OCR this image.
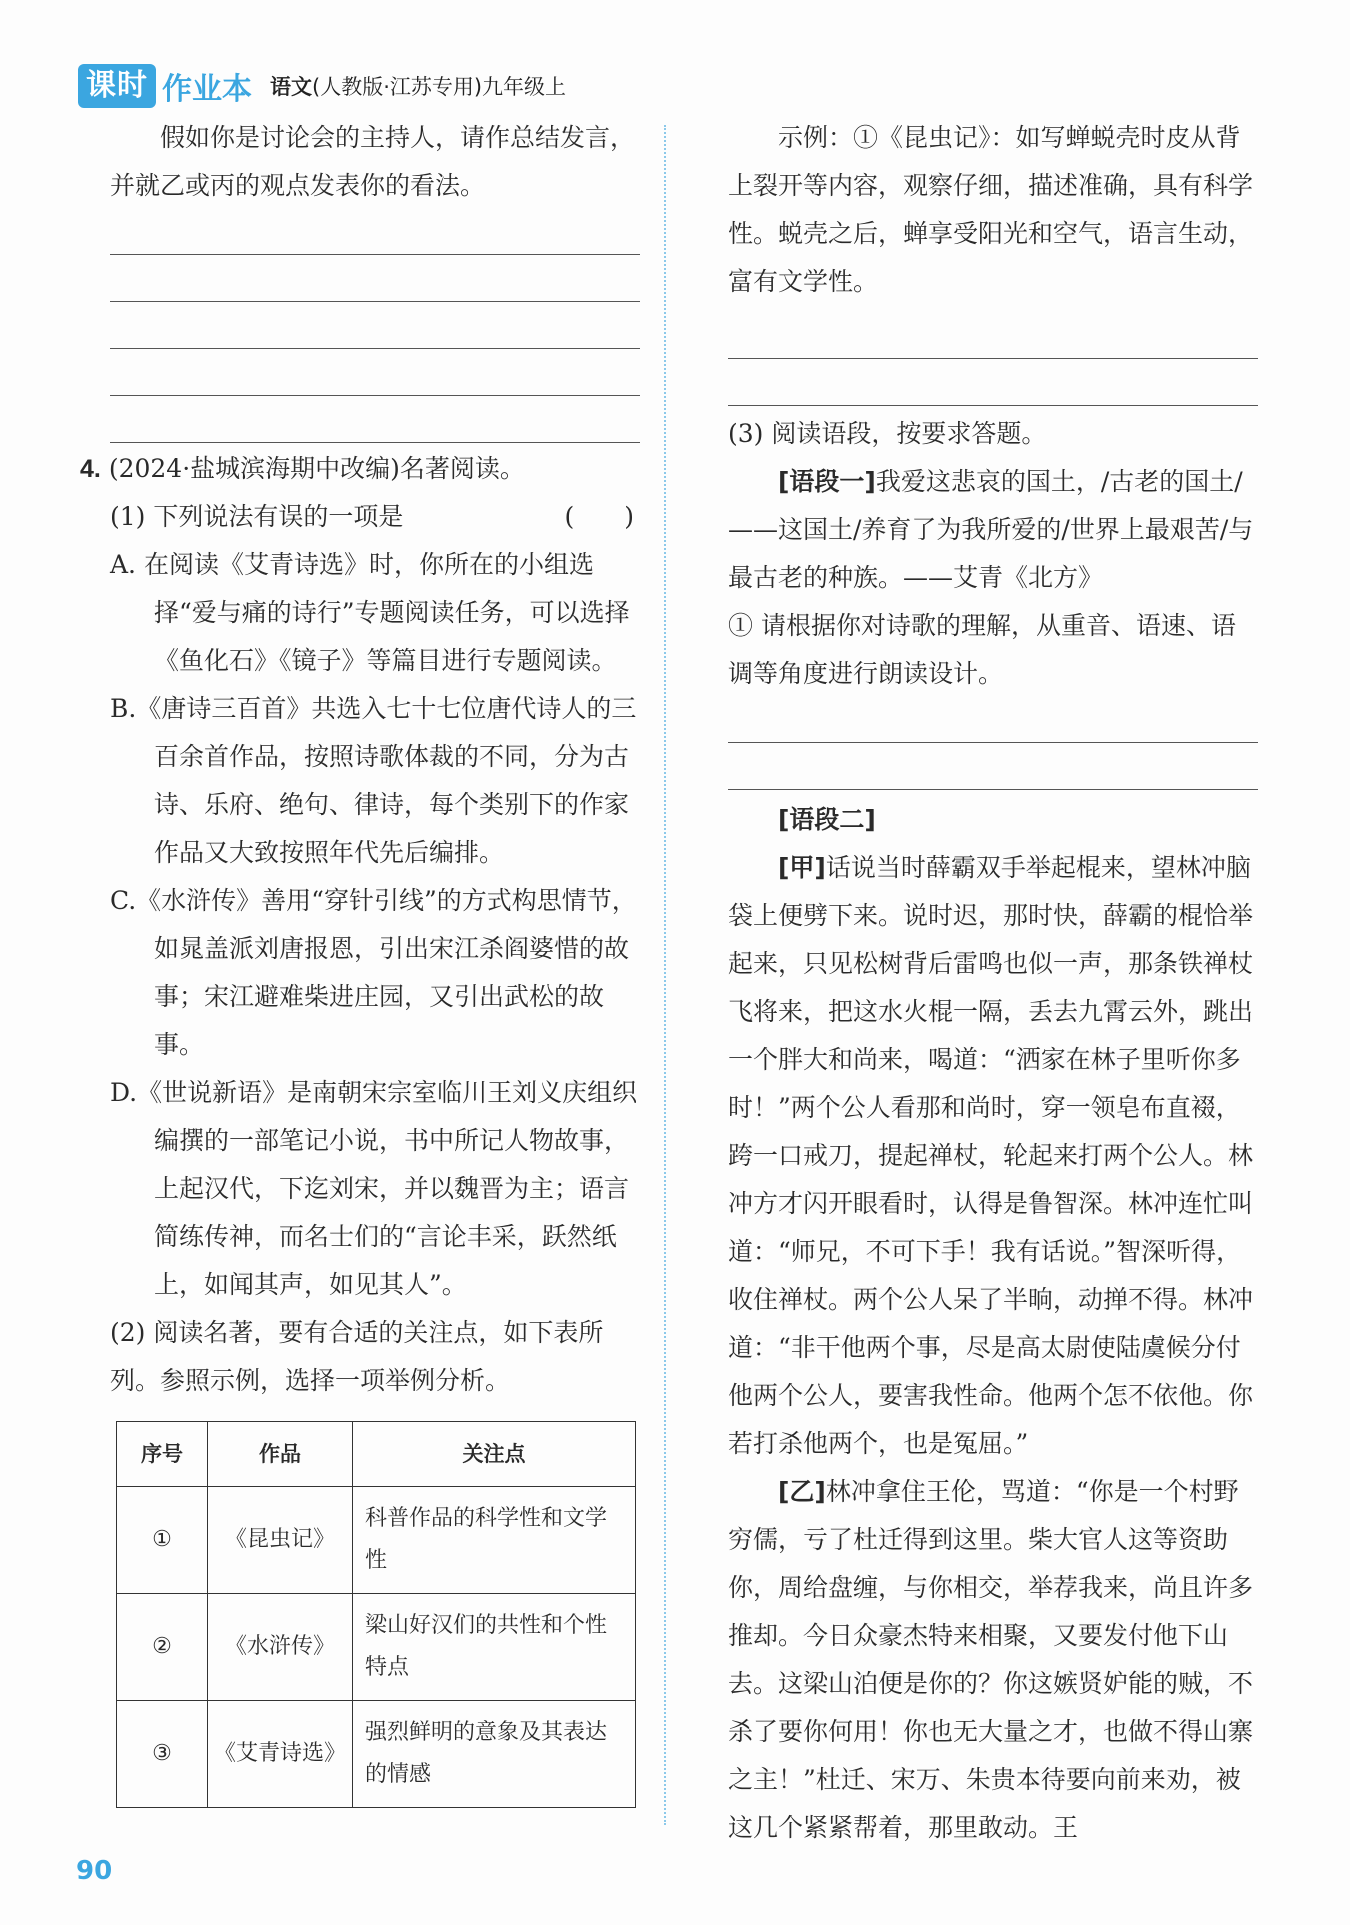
课时 作业本 语文(人教版·江苏专用)九年级上

假如你是讨论会的主持人，请作总结发言，并就乙或丙的观点发表你的看法。

4. (2024·盐城滨海期中改编)名著阅读。

(1) 下列说法有误的一项是	(　　)

A. 在阅读《艾青诗选》时，你所在的小组选择“爱与痛的诗行”专题阅读任务，可以选择《鱼化石》《镜子》等篇目进行专题阅读。

B.《唐诗三百首》共选入七十七位唐代诗人的三百余首作品，按照诗歌体裁的不同，分为古诗、乐府、绝句、律诗，每个类别下的作家作品又大致按照年代先后编排。

C.《水浒传》善用“穿针引线”的方式构思情节，如晁盖派刘唐报恩，引出宋江杀阎婆惜的故事；宋江避难柴进庄园，又引出武松的故事。

D.《世说新语》是南朝宋宗室临川王刘义庆组织编撰的一部笔记小说，书中所记人物故事，上起汉代，下迄刘宋，并以魏晋为主；语言简练传神，而名士们的“言论丰采，跃然纸上，如闻其声，如见其人”。

(2) 阅读名著，要有合适的关注点，如下表所列。参照示例，选择一项举例分析。

序号	作品	关注点
①	《昆虫记》	科普作品的科学性和文学性
②	《水浒传》	梁山好汉们的共性和个性特点
③	《艾青诗选》	强烈鲜明的意象及其表达的情感

示例：①《昆虫记》：如写蝉蜕壳时皮从背上裂开等内容，观察仔细，描述准确，具有科学性。蜕壳之后，蝉享受阳光和空气，语言生动，富有文学性。

(3) 阅读语段，按要求答题。

[语段一]我爱这悲哀的国土，/古老的国土/——这国土/养育了为我所爱的/世界上最艰苦/与最古老的种族。——艾青《北方》

① 请根据你对诗歌的理解，从重音、语速、语调等角度进行朗读设计。

[语段二]

[甲]话说当时薛霸双手举起棍来，望林冲脑袋上便劈下来。说时迟，那时快，薛霸的棍恰举起来，只见松树背后雷鸣也似一声，那条铁禅杖飞将来，把这水火棍一隔，丢去九霄云外，跳出一个胖大和尚来，喝道：“洒家在林子里听你多时！”两个公人看那和尚时，穿一领皂布直裰，跨一口戒刀，提起禅杖，轮起来打两个公人。林冲方才闪开眼看时，认得是鲁智深。林冲连忙叫道：“师兄，不可下手！我有话说。”智深听得，收住禅杖。两个公人呆了半晌，动掸不得。林冲道：“非干他两个事，尽是高太尉使陆虞候分付他两个公人，要害我性命。他两个怎不依他。你若打杀他两个，也是冤屈。”

[乙]林冲拿住王伦，骂道：“你是一个村野穷儒，亏了杜迁得到这里。柴大官人这等资助你，周给盘缠，与你相交，举荐我来，尚且许多推却。今日众豪杰特来相聚，又要发付他下山去。这梁山泊便是你的？你这嫉贤妒能的贼，不杀了要你何用！你也无大量之才，也做不得山寨之主！”杜迁、宋万、朱贵本待要向前来劝，被这几个紧紧帮着，那里敢动。王

90
